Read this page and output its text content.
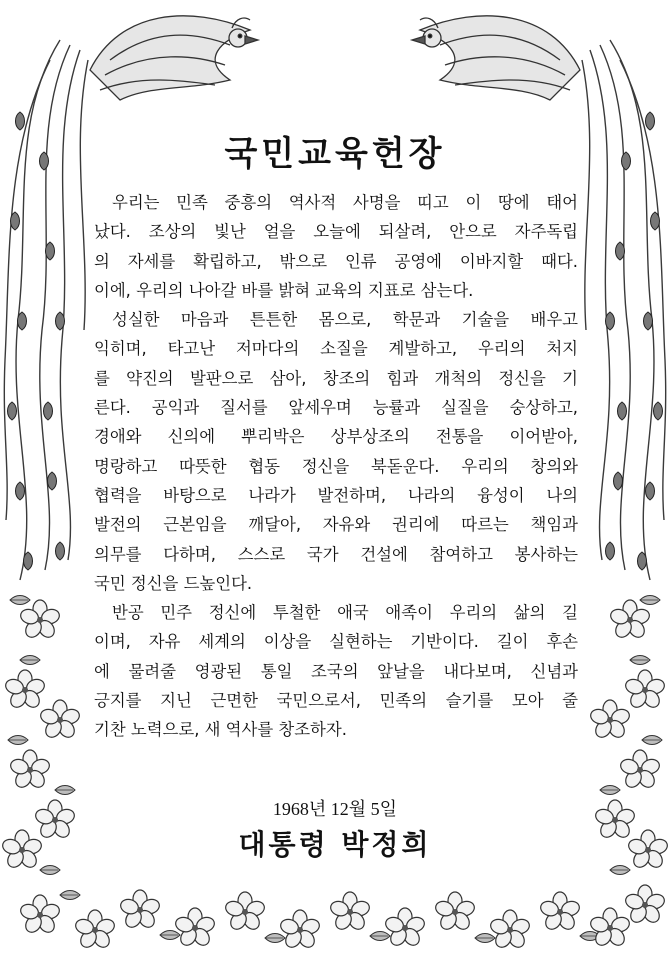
국민교육헌장
우리는 민족 중흥의 역사적 사명을 띠고 이 땅에 태어
났다. 조상의 빛난 얼을 오늘에 되살려, 안으로 자주독립
의 자세를 확립하고, 밖으로 인류 공영에 이바지할 때다.
이에, 우리의 나아갈 바를 밝혀 교육의 지표로 삼는다.
성실한 마음과 튼튼한 몸으로, 학문과 기술을 배우고
익히며, 타고난 저마다의 소질을 계발하고, 우리의 처지
를 약진의 발판으로 삼아, 창조의 힘과 개척의 정신을 기
른다. 공익과 질서를 앞세우며 능률과 실질을 숭상하고,
경애와 신의에 뿌리박은 상부상조의 전통을 이어받아,
명랑하고 따뜻한 협동 정신을 북돋운다. 우리의 창의와
협력을 바탕으로 나라가 발전하며, 나라의 융성이 나의
발전의 근본임을 깨달아, 자유와 권리에 따르는 책임과
의무를 다하며, 스스로 국가 건설에 참여하고 봉사하는
국민 정신을 드높인다.
반공 민주 정신에 투철한 애국 애족이 우리의 삶의 길
이며, 자유 세계의 이상을 실현하는 기반이다. 길이 후손
에 물려줄 영광된 통일 조국의 앞날을 내다보며, 신념과
긍지를 지닌 근면한 국민으로서, 민족의 슬기를 모아 줄
기찬 노력으로, 새 역사를 창조하자.
1968년 12월 5일
대통령 박정희
